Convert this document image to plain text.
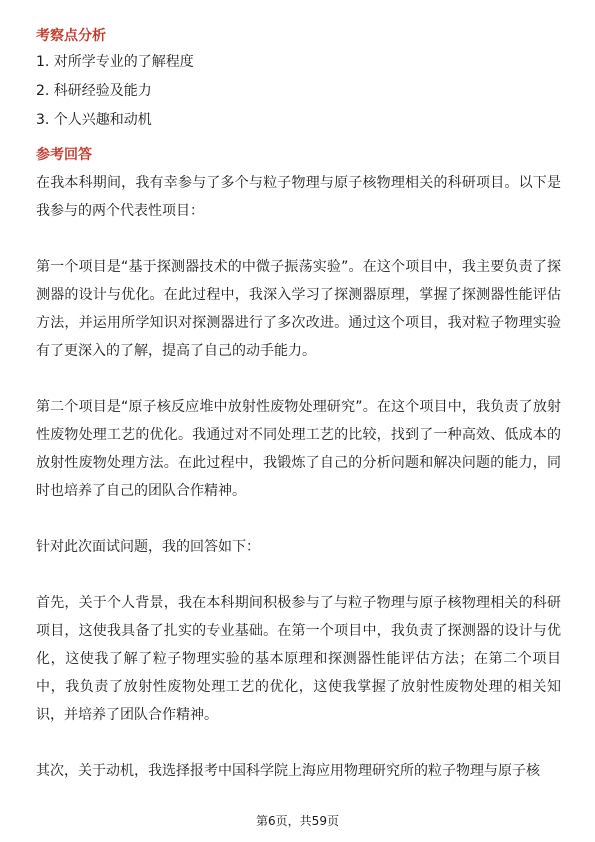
考察点分析
1. 对所学专业的了解程度
2. 科研经验及能力
3. 个人兴趣和动机
参考回答
在我本科期间，我有幸参与了多个与粒子物理与原子核物理相关的科研项目。以下是我参与的两个代表性项目：
第一个项目是“基于探测器技术的中微子振荡实验”。在这个项目中，我主要负责了探测器的设计与优化。在此过程中，我深入学习了探测器原理，掌握了探测器性能评估方法，并运用所学知识对探测器进行了多次改进。通过这个项目，我对粒子物理实验有了更深入的了解，提高了自己的动手能力。
第二个项目是“原子核反应堆中放射性废物处理研究”。在这个项目中，我负责了放射性废物处理工艺的优化。我通过对不同处理工艺的比较，找到了一种高效、低成本的放射性废物处理方法。在此过程中，我锻炼了自己的分析问题和解决问题的能力，同时也培养了自己的团队合作精神。
针对此次面试问题，我的回答如下：
首先，关于个人背景，我在本科期间积极参与了与粒子物理与原子核物理相关的科研项目，这使我具备了扎实的专业基础。在第一个项目中，我负责了探测器的设计与优化，这使我了解了粒子物理实验的基本原理和探测器性能评估方法；在第二个项目中，我负责了放射性废物处理工艺的优化，这使我掌握了放射性废物处理的相关知识，并培养了团队合作精神。
其次，关于动机，我选择报考中国科学院上海应用物理研究所的粒子物理与原子核
第6页，共59页
